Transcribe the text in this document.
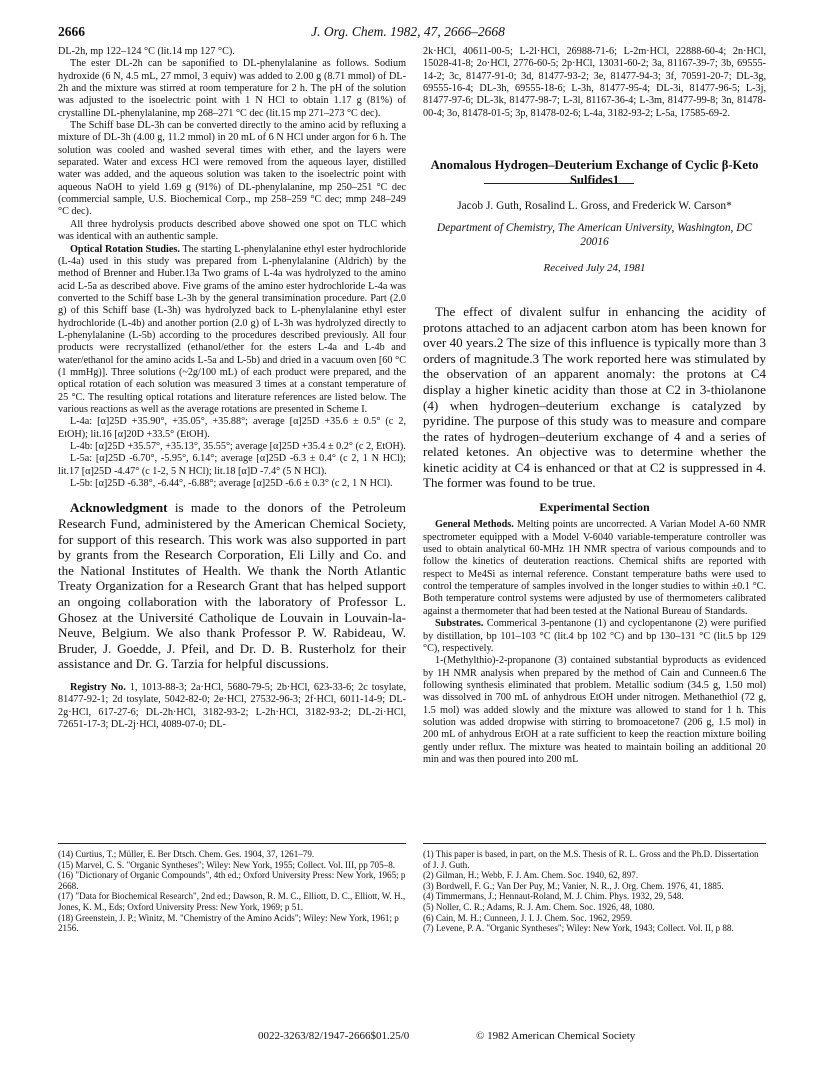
2666	J. Org. Chem. 1982, 47, 2666–2668

DL-2h, mp 122–124 °C (lit.14 mp 127 °C).

The ester DL-2h can be saponified to DL-phenylalanine as follows. Sodium hydroxide (6 N, 4.5 mL, 27 mmol, 3 equiv) was added to 2.00 g (8.71 mmol) of DL-2h and the mixture was stirred at room temperature for 2 h. The pH of the solution was adjusted to the isoelectric point with 1 N HCl to obtain 1.17 g (81%) of crystalline DL-phenylalanine, mp 268–271 °C dec (lit.15 mp 271–273 °C dec).

The Schiff base DL-3h can be converted directly to the amino acid by refluxing a mixture of DL-3h (4.00 g, 11.2 mmol) in 20 mL of 6 N HCl under argon for 6 h. The solution was cooled and washed several times with ether, and the layers were separated. Water and excess HCl were removed from the aqueous layer, distilled water was added, and the aqueous solution was taken to the isoelectric point with aqueous NaOH to yield 1.69 g (91%) of DL-phenylalanine, mp 250–251 °C dec (commercial sample, U.S. Biochemical Corp., mp 258–259 °C dec; mmp 248–249 °C dec).

All three hydrolysis products described above showed one spot on TLC which was identical with an authentic sample.

Optical Rotation Studies. The starting L-phenylalanine ethyl ester hydrochloride (L-4a) used in this study was prepared from L-phenylalanine (Aldrich) by the method of Brenner and Huber.13a Two grams of L-4a was hydrolyzed to the amino acid L-5a as described above. Five grams of the amino ester hydrochloride L-4a was converted to the Schiff base L-3h by the general transimination procedure. Part (2.0 g) of this Schiff base (L-3h) was hydrolyzed back to L-phenylalanine ethyl ester hydrochloride (L-4b) and another portion (2.0 g) of L-3h was hydrolyzed directly to L-phenylalanine (L-5b) according to the procedures described previously. All four products were recrystallized (ethanol/ether for the esters L-4a and L-4b and water/ethanol for the amino acids L-5a and L-5b) and dried in a vacuum oven [60 °C (1 mmHg)]. Three solutions (~2g/100 mL) of each product were prepared, and the optical rotation of each solution was measured 3 times at a constant temperature of 25 °C. The resulting optical rotations and literature references are listed below. The various reactions as well as the average rotations are presented in Scheme I.

L-4a: [α]25D +35.90°, +35.05°, +35.88°; average [α]25D +35.6 ± 0.5° (c 2, EtOH); lit.16 [α]20D +33.5° (EtOH).

L-4b: [α]25D +35.57°, +35.13°, 35.55°; average [α]25D +35.4 ± 0.2° (c 2, EtOH).

L-5a: [α]25D -6.70°, -5.95°, 6.14°; average [α]25D -6.3 ± 0.4° (c 2, 1 N HCl); lit.17 [α]25D -4.47° (c 1-2, 5 N HCl); lit.18 [α]D -7.4° (5 N HCl).

L-5b: [α]25D -6.38°, -6.44°, -6.88°; average [α]25D -6.6 ± 0.3° (c 2, 1 N HCl).

Acknowledgment is made to the donors of the Petroleum Research Fund, administered by the American Chemical Society, for support of this research. This work was also supported in part by grants from the Research Corporation, Eli Lilly and Co. and the National Institutes of Health. We thank the North Atlantic Treaty Organization for a Research Grant that has helped support an ongoing collaboration with the laboratory of Professor L. Ghosez at the Université Catholique de Louvain in Louvain-la-Neuve, Belgium. We also thank Professor P. W. Rabideau, W. Bruder, J. Goedde, J. Pfeil, and Dr. D. B. Rusterholz for their assistance and Dr. G. Tarzia for helpful discussions.

Registry No. 1, 1013-88-3; 2a·HCl, 5680-79-5; 2b·HCl, 623-33-6; 2c tosylate, 81477-92-1; 2d tosylate, 5042-82-0; 2e·HCl, 27532-96-3; 2f·HCl, 6011-14-9; DL-2g·HCl, 617-27-6; DL-2h·HCl, 3182-93-2; L-2h·HCl, 3182-93-2; DL-2i·HCl, 72651-17-3; DL-2j·HCl, 4089-07-0; DL-

2k·HCl, 40611-00-5; L-2l·HCl, 26988-71-6; L-2m·HCl, 22888-60-4; 2n·HCl, 15028-41-8; 2o·HCl, 2776-60-5; 2p·HCl, 13031-60-2; 3a, 81167-39-7; 3b, 69555-14-2; 3c, 81477-91-0; 3d, 81477-93-2; 3e, 81477-94-3; 3f, 70591-20-7; DL-3g, 69555-16-4; DL-3h, 69555-18-6; L-3h, 81477-95-4; DL-3i, 81477-96-5; L-3j, 81477-97-6; DL-3k, 81477-98-7; L-3l, 81167-36-4; L-3m, 81477-99-8; 3n, 81478-00-4; 3o, 81478-01-5; 3p, 81478-02-6; L-4a, 3182-93-2; L-5a, 17585-69-2.

Anomalous Hydrogen–Deuterium Exchange of Cyclic β-Keto Sulfides1

Jacob J. Guth, Rosalind L. Gross, and Frederick W. Carson*

Department of Chemistry, The American University, Washington, DC 20016

Received July 24, 1981

The effect of divalent sulfur in enhancing the acidity of protons attached to an adjacent carbon atom has been known for over 40 years.2 The size of this influence is typically more than 3 orders of magnitude.3 The work reported here was stimulated by the observation of an apparent anomaly: the protons at C4 display a higher kinetic acidity than those at C2 in 3-thiolanone (4) when hydrogen–deuterium exchange is catalyzed by pyridine. The purpose of this study was to measure and compare the rates of hydrogen–deuterium exchange of 4 and a series of related ketones. An objective was to determine whether the kinetic acidity at C4 is enhanced or that at C2 is suppressed in 4. The former was found to be true.

Experimental Section

General Methods. Melting points are uncorrected. A Varian Model A-60 NMR spectrometer equipped with a Model V-6040 variable-temperature controller was used to obtain analytical 60-MHz 1H NMR spectra of various compounds and to follow the kinetics of deuteration reactions. Chemical shifts are reported with respect to Me4Si as internal reference. Constant temperature baths were used to control the temperature of samples involved in the longer studies to within ±0.1 °C. Both temperature control systems were adjusted by use of thermometers calibrated against a thermometer that had been tested at the National Bureau of Standards.

Substrates. Commerical 3-pentanone (1) and cyclopentanone (2) were purified by distillation, bp 101–103 °C (lit.4 bp 102 °C) and bp 130–131 °C (lit.5 bp 129 °C), respectively.

1-(Methylthio)-2-propanone (3) contained substantial byproducts as evidenced by 1H NMR analysis when prepared by the method of Cain and Cunneen.6 The following synthesis eliminated that problem. Metallic sodium (34.5 g, 1.50 mol) was dissolved in 700 mL of anhydrous EtOH under nitrogen. Methanethiol (72 g, 1.5 mol) was added slowly and the mixture was allowed to stand for 1 h. This solution was added dropwise with stirring to bromoacetone7 (206 g, 1.5 mol) in 200 mL of anhydrous EtOH at a rate sufficient to keep the reaction mixture boiling gently under reflux. The mixture was heated to maintain boiling an additional 20 min and was then poured into 200 mL

(14) Curtius, T.; Müller, E. Ber Dtsch. Chem. Ges. 1904, 37, 1261–79.

(15) Marvel, C. S. "Organic Syntheses"; Wiley: New York, 1955; Collect. Vol. III, pp 705–8.

(16) "Dictionary of Organic Compounds", 4th ed.; Oxford University Press: New York, 1965; p 2668.

(17) "Data for Biochemical Research", 2nd ed.; Dawson, R. M. C., Elliott, D. C., Elliott, W. H., Jones, K. M., Eds; Oxford University Press: New York, 1969; p 51.

(18) Greenstein, J. P.; Winitz, M. "Chemistry of the Amino Acids"; Wiley: New York, 1961; p 2156.

(1) This paper is based, in part, on the M.S. Thesis of R. L. Gross and the Ph.D. Dissertation of J. J. Guth.

(2) Gilman, H.; Webb, F. J. Am. Chem. Soc. 1940, 62, 897.

(3) Bordwell, F. G.; Van Der Puy, M.; Vanier, N. R., J. Org. Chem. 1976, 41, 1885.

(4) Timmermans, J.; Hennaut-Roland, M. J. Chim. Phys. 1932, 29, 548.

(5) Noller, C. R.; Adams, R. J. Am. Chem. Soc. 1926, 48, 1080.

(6) Cain, M. H.; Cunneen, J. I. J. Chem. Soc. 1962, 2959.

(7) Levene, P. A. "Organic Syntheses"; Wiley: New York, 1943; Collect. Vol. II, p 88.

0022-3263/82/1947-2666$01.25/0	© 1982 American Chemical Society
